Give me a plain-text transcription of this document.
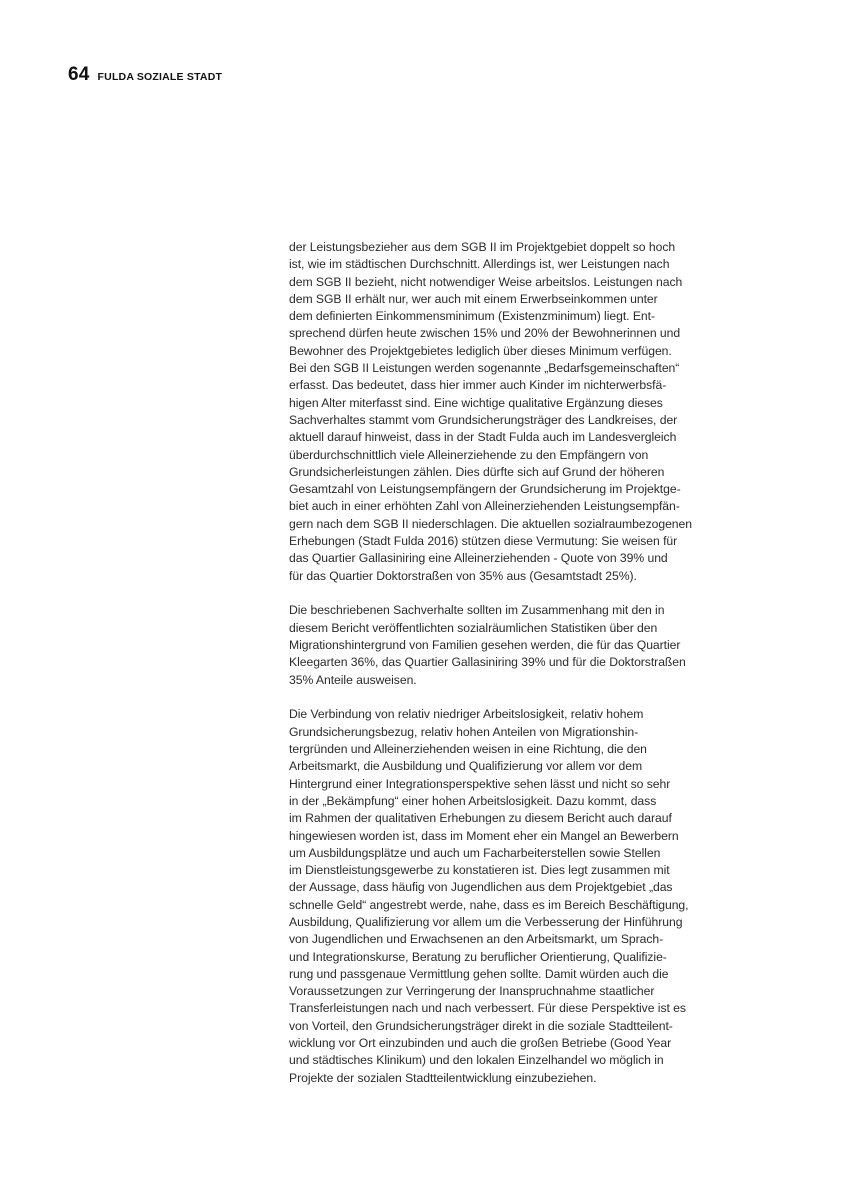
64 FULDA SOZIALE STADT
der Leistungsbezieher aus dem SGB II im Projektgebiet doppelt so hoch
ist, wie im städtischen Durchschnitt. Allerdings ist, wer Leistungen nach
dem SGB II bezieht, nicht notwendiger Weise arbeitslos. Leistungen nach
dem SGB II erhält nur, wer auch mit einem Erwerbseinkommen unter
dem definierten Einkommensminimum (Existenzminimum) liegt. Ent-
sprechend dürfen heute zwischen 15% und 20% der Bewohnerinnen und
Bewohner des Projektgebietes lediglich über dieses Minimum verfügen.
Bei den SGB II Leistungen werden sogenannte „Bedarfsgemeinschaften“
erfasst. Das bedeutet, dass hier immer auch Kinder im nichterwerbsfä-
higen Alter miterfasst sind. Eine wichtige qualitative Ergänzung dieses
Sachverhaltes stammt vom Grundsicherungsträger des Landkreises, der
aktuell darauf hinweist, dass in der Stadt Fulda auch im Landesvergleich
überdurchschnittlich viele Alleinerziehende zu den Empfängern von
Grundsicherleistungen zählen. Dies dürfte sich auf Grund der höheren
Gesamtzahl von Leistungsempfängern der Grundsicherung im Projektge-
biet auch in einer erhöhten Zahl von Alleinerziehenden Leistungsempfän-
gern nach dem SGB II niederschlagen. Die aktuellen sozialraumbezogenen
Erhebungen (Stadt Fulda 2016) stützen diese Vermutung: Sie weisen für
das Quartier Gallasiniring eine Alleinerziehenden - Quote von 39% und
für das Quartier Doktorstraßen von 35% aus (Gesamtstadt 25%).
Die beschriebenen Sachverhalte sollten im Zusammenhang mit den in
diesem Bericht veröffentlichten sozialräumlichen Statistiken über den
Migrationshintergrund von Familien gesehen werden, die für das Quartier
Kleegarten 36%, das Quartier Gallasiniring 39% und für die Doktorstraßen
35% Anteile ausweisen.
Die Verbindung von relativ niedriger Arbeitslosigkeit, relativ hohem
Grundsicherungsbezug, relativ hohen Anteilen von Migrationshin-
tergründen und Alleinerziehenden weisen in eine Richtung, die den
Arbeitsmarkt, die Ausbildung und Qualifizierung vor allem vor dem
Hintergrund einer Integrationsperspektive sehen lässt und nicht so sehr
in der „Bekämpfung“ einer hohen Arbeitslosigkeit. Dazu kommt, dass
im Rahmen der qualitativen Erhebungen zu diesem Bericht auch darauf
hingewiesen worden ist, dass im Moment eher ein Mangel an Bewerbern
um Ausbildungsplätze und auch um Facharbeiterstellen sowie Stellen
im Dienstleistungsgewerbe zu konstatieren ist. Dies legt zusammen mit
der Aussage, dass häufig von Jugendlichen aus dem Projektgebiet „das
schnelle Geld“ angestrebt werde, nahe, dass es im Bereich Beschäftigung,
Ausbildung, Qualifizierung vor allem um die Verbesserung der Hinführung
von Jugendlichen und Erwachsenen an den Arbeitsmarkt, um Sprach-
und Integrationskurse, Beratung zu beruflicher Orientierung, Qualifizie-
rung und passgenaue Vermittlung gehen sollte. Damit würden auch die
Voraussetzungen zur Verringerung der Inanspruchnahme staatlicher
Transferleistungen nach und nach verbessert. Für diese Perspektive ist es
von Vorteil, den Grundsicherungsträger direkt in die soziale Stadtteilent-
wicklung vor Ort einzubinden und auch die großen Betriebe (Good Year
und städtisches Klinikum) und den lokalen Einzelhandel wo möglich in
Projekte der sozialen Stadtteilentwicklung einzubeziehen.
